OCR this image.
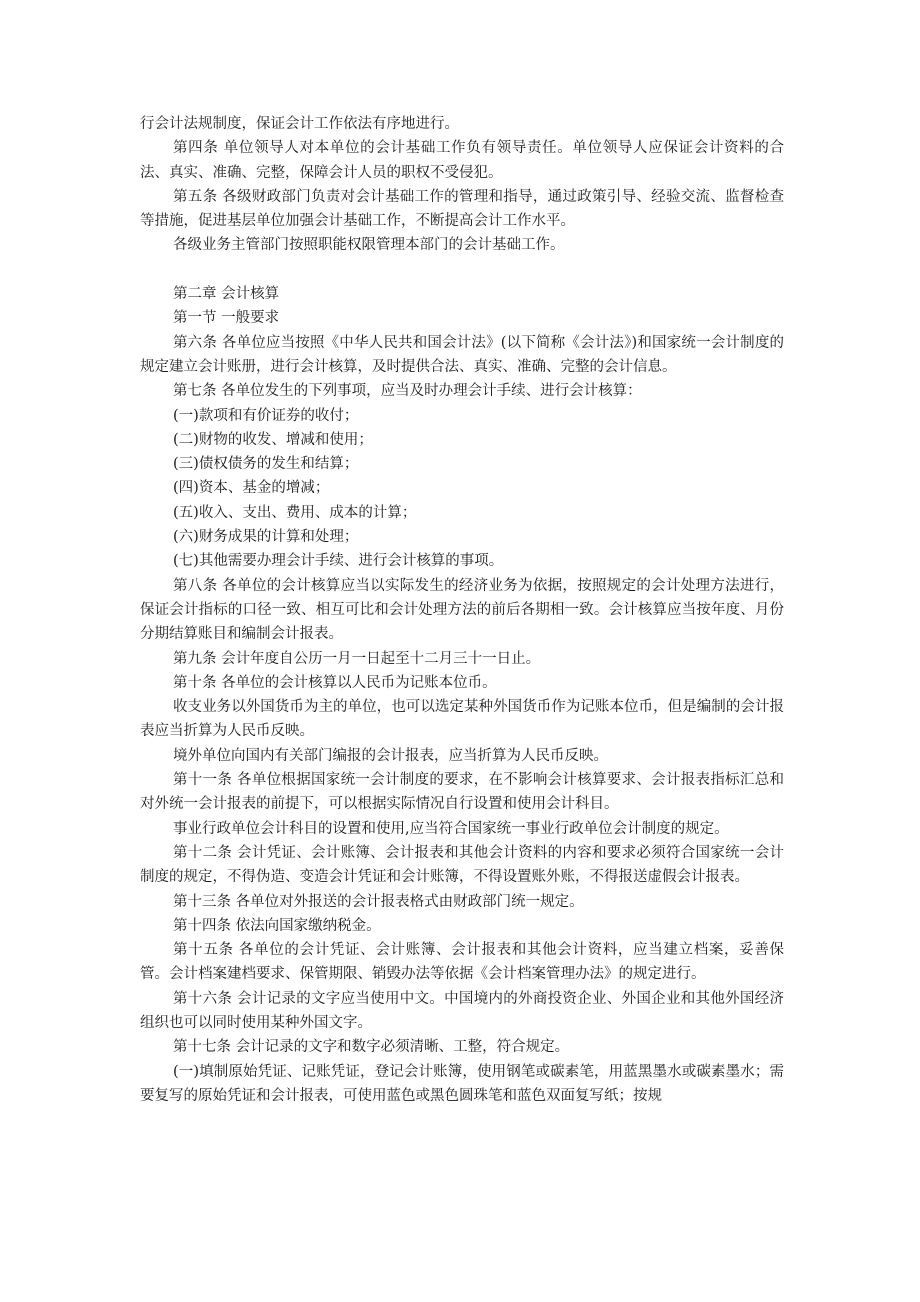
行会计法规制度，保证会计工作依法有序地进行。

第四条 单位领导人对本单位的会计基础工作负有领导责任。单位领导人应保证会计资料的合法、真实、准确、完整，保障会计人员的职权不受侵犯。

第五条 各级财政部门负责对会计基础工作的管理和指导，通过政策引导、经验交流、监督检查等措施，促进基层单位加强会计基础工作，不断提高会计工作水平。

各级业务主管部门按照职能权限管理本部门的会计基础工作。

第二章 会计核算

第一节 一般要求

第六条 各单位应当按照《中华人民共和国会计法》(以下简称《会计法》)和国家统一会计制度的规定建立会计账册，进行会计核算，及时提供合法、真实、准确、完整的会计信息。

第七条 各单位发生的下列事项，应当及时办理会计手续、进行会计核算：

(一)款项和有价证券的收付；

(二)财物的收发、增减和使用；

(三)债权债务的发生和结算；

(四)资本、基金的增减；

(五)收入、支出、费用、成本的计算；

(六)财务成果的计算和处理；

(七)其他需要办理会计手续、进行会计核算的事项。

第八条 各单位的会计核算应当以实际发生的经济业务为依据，按照规定的会计处理方法进行，保证会计指标的口径一致、相互可比和会计处理方法的前后各期相一致。会计核算应当按年度、月份分期结算账目和编制会计报表。

第九条 会计年度自公历一月一日起至十二月三十一日止。

第十条 各单位的会计核算以人民币为记账本位币。

收支业务以外国货币为主的单位，也可以选定某种外国货币作为记账本位币，但是编制的会计报表应当折算为人民币反映。

境外单位向国内有关部门编报的会计报表，应当折算为人民币反映。

第十一条 各单位根据国家统一会计制度的要求，在不影响会计核算要求、会计报表指标汇总和对外统一会计报表的前提下，可以根据实际情况自行设置和使用会计科目。

事业行政单位会计科目的设置和使用,应当符合国家统一事业行政单位会计制度的规定。

第十二条 会计凭证、会计账簿、会计报表和其他会计资料的内容和要求必须符合国家统一会计制度的规定，不得伪造、变造会计凭证和会计账簿，不得设置账外账，不得报送虚假会计报表。

第十三条 各单位对外报送的会计报表格式由财政部门统一规定。

第十四条 依法向国家缴纳税金。

第十五条 各单位的会计凭证、会计账簿、会计报表和其他会计资料，应当建立档案，妥善保管。会计档案建档要求、保管期限、销毁办法等依据《会计档案管理办法》的规定进行。

第十六条 会计记录的文字应当使用中文。中国境内的外商投资企业、外国企业和其他外国经济组织也可以同时使用某种外国文字。

第十七条 会计记录的文字和数字必须清晰、工整，符合规定。

(一)填制原始凭证、记账凭证，登记会计账簿，使用钢笔或碳素笔，用蓝黑墨水或碳素墨水；需要复写的原始凭证和会计报表，可使用蓝色或黑色圆珠笔和蓝色双面复写纸；按规
